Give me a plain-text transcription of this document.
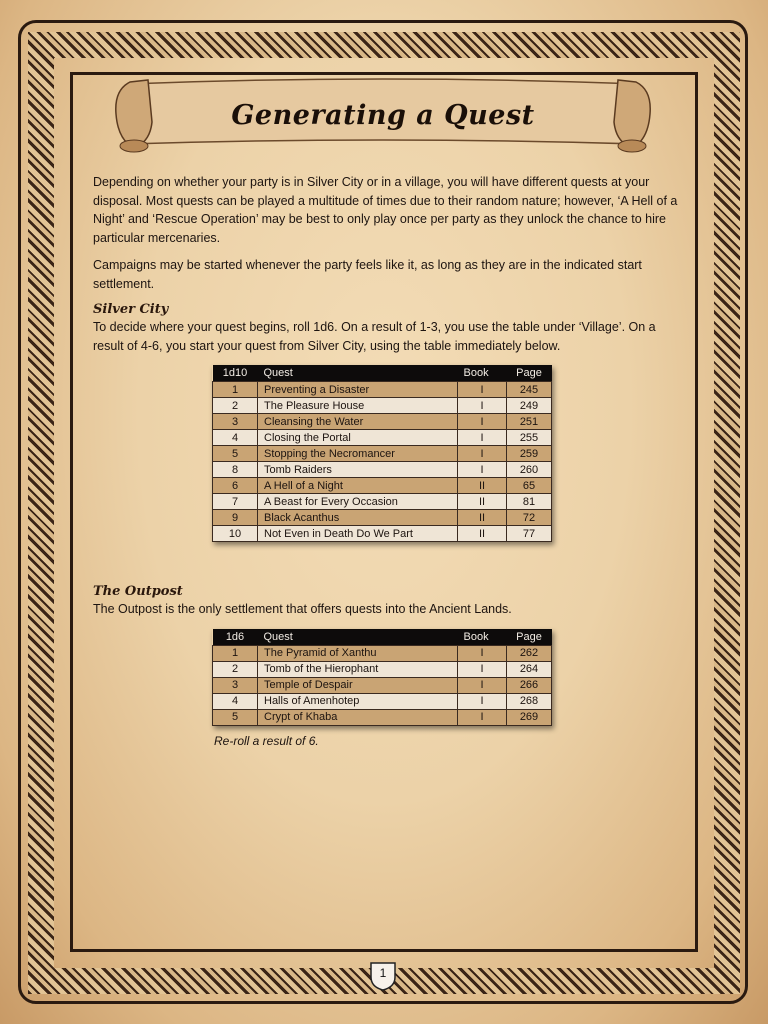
Generating a Quest

Depending on whether your party is in Silver City or in a village, you will have different quests at your disposal. Most quests can be played a multitude of times due to their random nature; however, ‘A Hell of a Night’ and ‘Rescue Operation’ may be best to only play once per party as they unlock the chance to hire particular mercenaries.

Campaigns may be started whenever the party feels like it, as long as they are in the indicated start settlement.

Silver City

To decide where your quest begins, roll 1d6. On a result of 1-3, you use the table under ‘Village’. On a result of 4-6, you start your quest from Silver City, using the table immediately below.

1d10	Quest	Book	Page
1	Preventing a Disaster	I	245
2	The Pleasure House	I	249
3	Cleansing the Water	I	251
4	Closing the Portal	I	255
5	Stopping the Necromancer	I	259
8	Tomb Raiders	I	260
6	A Hell of a Night	II	65
7	A Beast for Every Occasion	II	81
9	Black Acanthus	II	72
10	Not Even in Death Do We Part	II	77
The Outpost

The Outpost is the only settlement that offers quests into the Ancient Lands.

1d6	Quest	Book	Page
1	The Pyramid of Xanthu	I	262
2	Tomb of the Hierophant	I	264
3	Temple of Despair	I	266
4	Halls of Amenhotep	I	268
5	Crypt of Khaba	I	269
Re-roll a result of 6.
1
